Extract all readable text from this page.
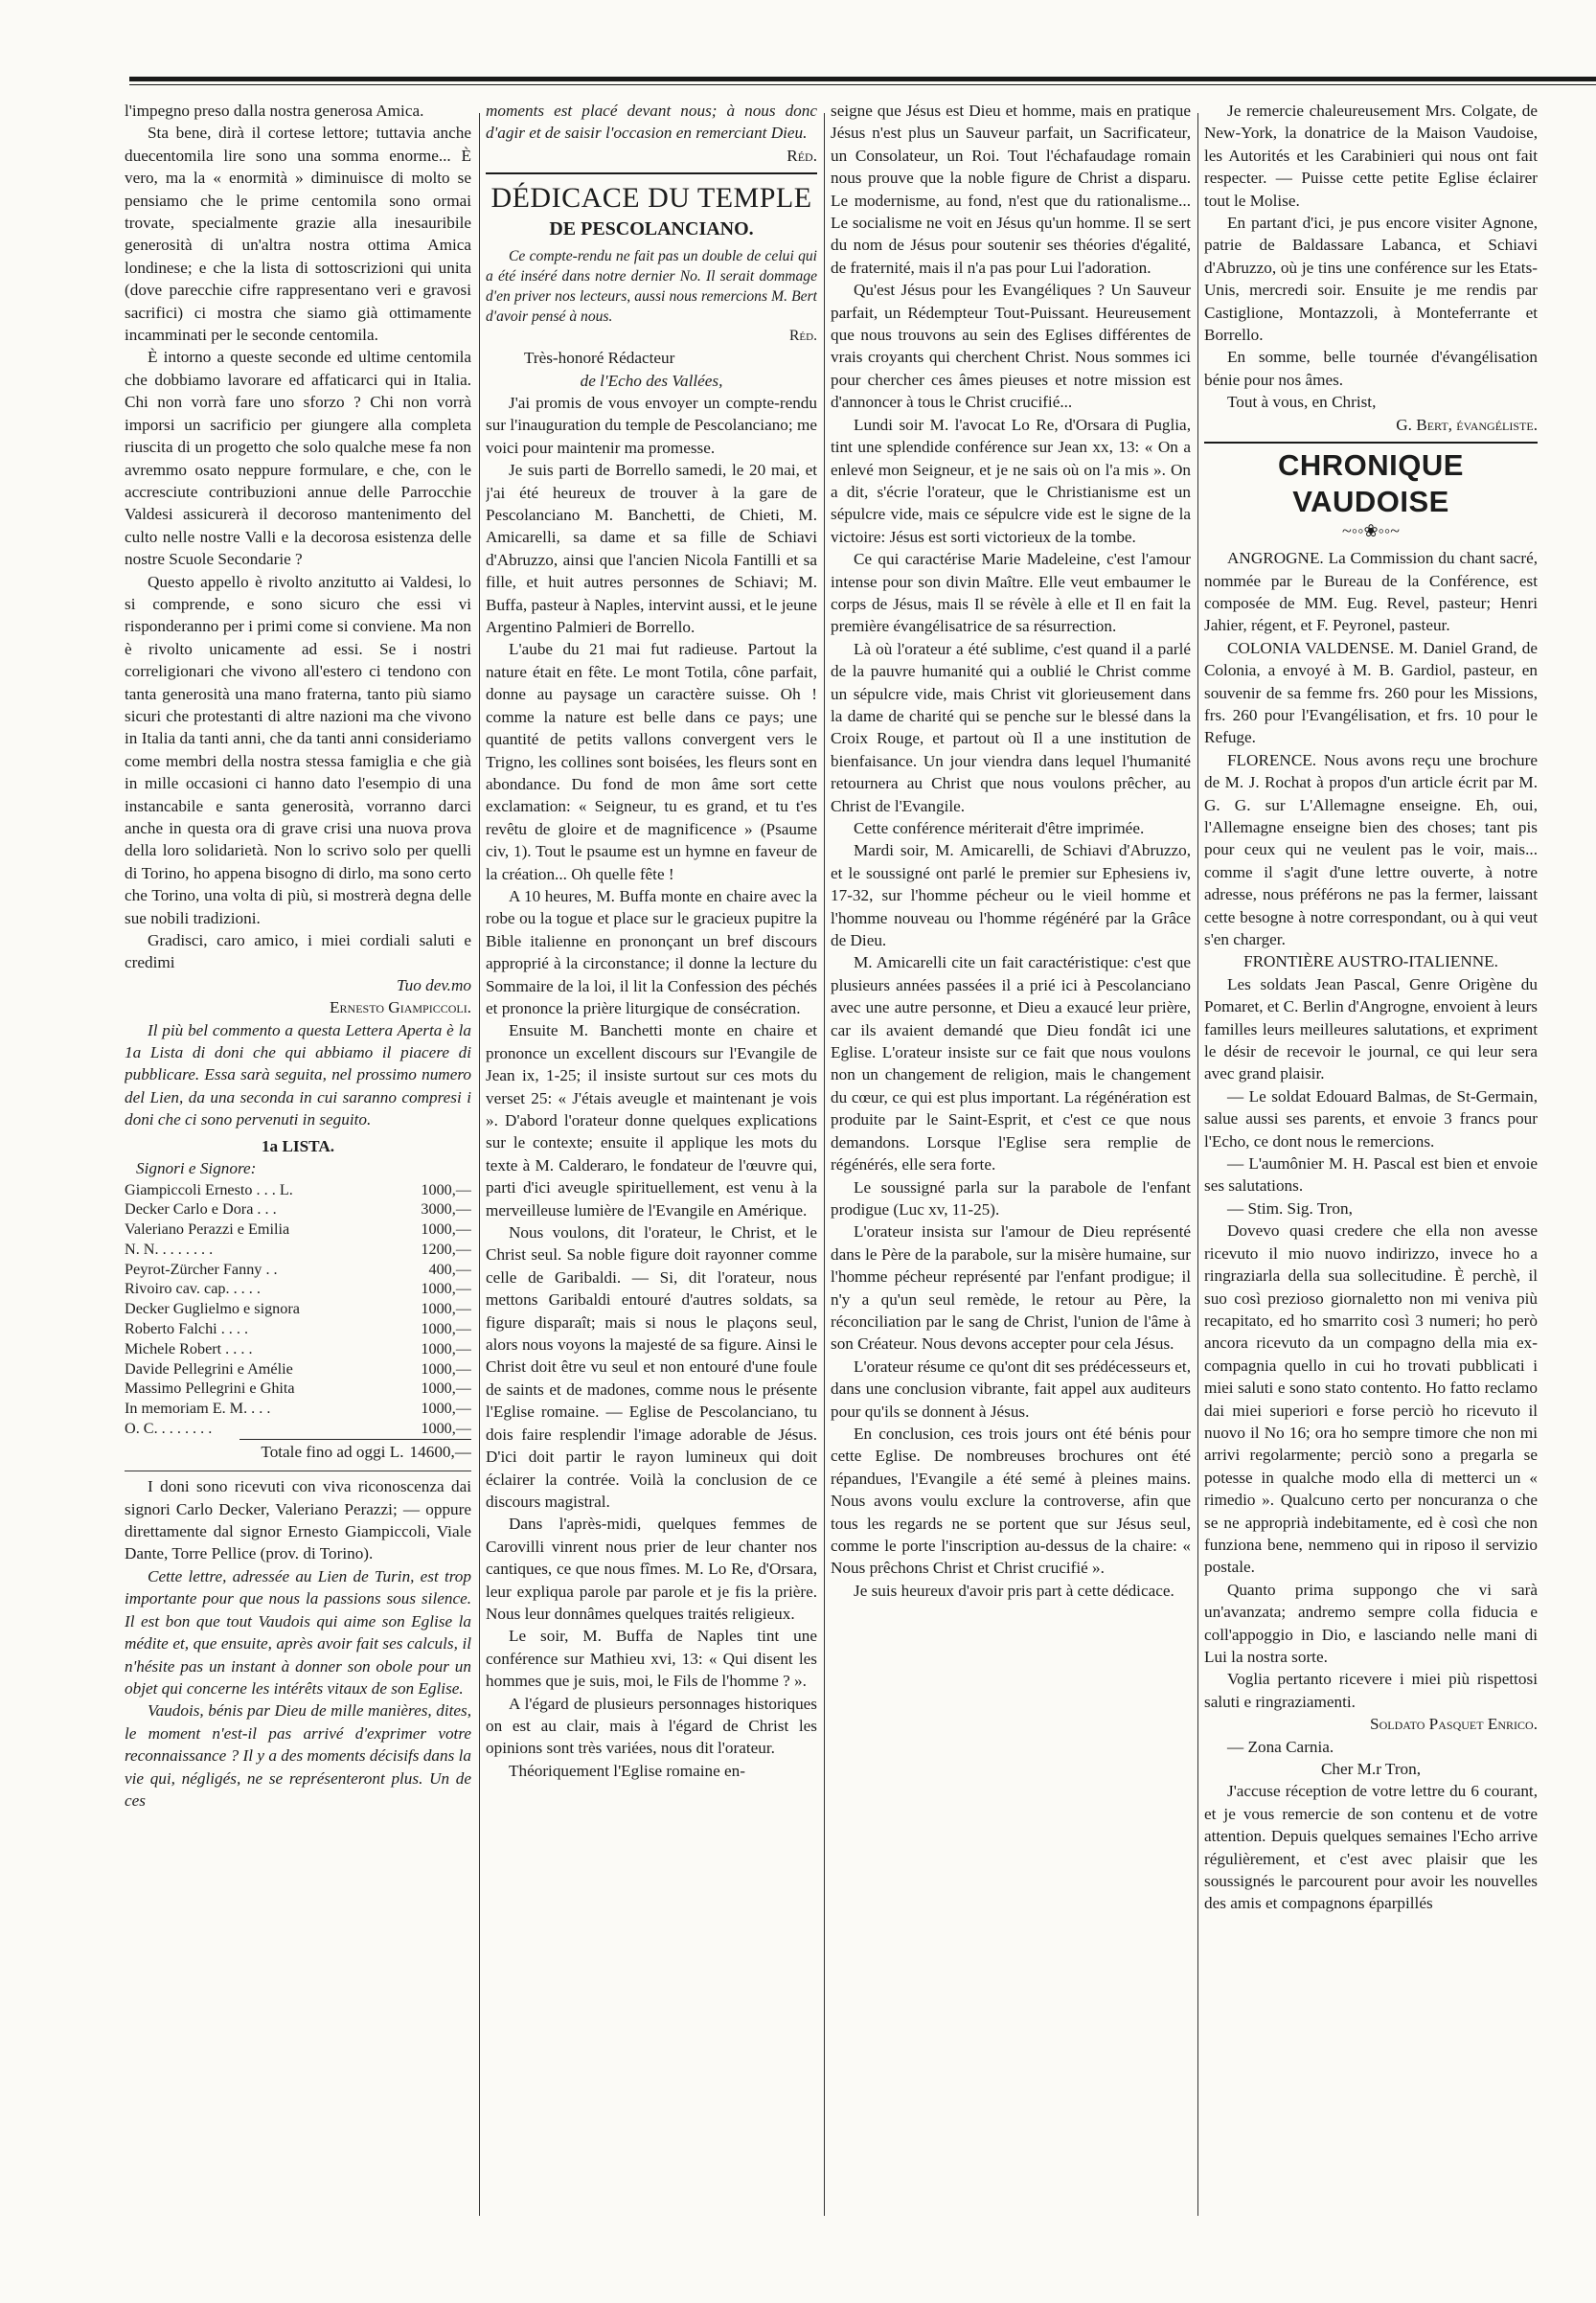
l'impegno preso dalla nostra generosa Amica.

Sta bene, dirà il cortese lettore; tuttavia anche duecentomila lire sono una somma enorme... È vero, ma la « enormità » diminuisce di molto se pensiamo che le prime centomila sono ormai trovate, specialmente grazie alla inesauribile generosità di un'altra nostra ottima Amica londinese; e che la lista di sottoscrizioni qui unita (dove parecchie cifre rappresentano veri e gravosi sacrifici) ci mostra che siamo già ottimamente incamminati per le seconde centomila.

È intorno a queste seconde ed ultime centomila che dobbiamo lavorare ed affaticarci qui in Italia. Chi non vorrà fare uno sforzo ? Chi non vorrà imporsi un sacrificio per giungere alla completa riuscita di un progetto che solo qualche mese fa non avremmo osato neppure formulare, e che, con le accresciute contribuzioni annue delle Parrocchie Valdesi assicurerà il decoroso mantenimento del culto nelle nostre Valli e la decorosa esistenza delle nostre Scuole Secondarie ?

Questo appello è rivolto anzitutto ai Valdesi, lo si comprende, e sono sicuro che essi vi risponderanno per i primi come si conviene. Ma non è rivolto unicamente ad essi. Se i nostri correligionari che vivono all'estero ci tendono con tanta generosità una mano fraterna, tanto più siamo sicuri che protestanti di altre nazioni ma che vivono in Italia da tanti anni, che da tanti anni consideriamo come membri della nostra stessa famiglia e che già in mille occasioni ci hanno dato l'esempio di una instancabile e santa generosità, vorranno darci anche in questa ora di grave crisi una nuova prova della loro solidarietà. Non lo scrivo solo per quelli di Torino, ho appena bisogno di dirlo, ma sono certo che Torino, una volta di più, si mostrerà degna delle sue nobili tradizioni.

Gradisci, caro amico, i miei cordiali saluti e credimi

Tuo dev.mo

Ernesto Giampiccoli.

Il più bel commento a questa Lettera Aperta è la 1a Lista di doni che qui abbiamo il piacere di pubblicare. Essa sarà seguita, nel prossimo numero del Lien, da una seconda in cui saranno compresi i doni che ci sono pervenuti in seguito.

1a LISTA.
Signori e Signore:
Giampiccoli Ernesto . . . L.	1000,—
Decker Carlo e Dora . . .	3000,—
Valeriano Perazzi e Emilia	1000,—
N. N. . . . . . . .	1200,—
Peyrot-Zürcher Fanny . .	400,—
Rivoiro cav. cap. . . . .	1000,—
Decker Guglielmo e signora	1000,—
Roberto Falchi . . . .	1000,—
Michele Robert . . . .	1000,—
Davide Pellegrini e Amélie	1000,—
Massimo Pellegrini e Ghita	1000,—
In memoriam E. M. . . .	1000,—
O. C. . . . . . . .	1000,—
Totale fino ad oggi L. 14600,—

I doni sono ricevuti con viva riconoscenza dai signori Carlo Decker, Valeriano Perazzi; — oppure direttamente dal signor Ernesto Giampiccoli, Viale Dante, Torre Pellice (prov. di Torino).

Cette lettre, adressée au Lien de Turin, est trop importante pour que nous la passions sous silence. Il est bon que tout Vaudois qui aime son Eglise la médite et, que ensuite, après avoir fait ses calculs, il n'hésite pas un instant à donner son obole pour un objet qui concerne les intérêts vitaux de son Eglise.

Vaudois, bénis par Dieu de mille manières, dites, le moment n'est-il pas arrivé d'exprimer votre reconnaissance ? Il y a des moments décisifs dans la vie qui, négligés, ne se représenteront plus. Un de ces

moments est placé devant nous; à nous donc d'agir et de saisir l'occasion en remerciant Dieu.

Réd.

DÉDICACE DU TEMPLE
DE PESCOLANCIANO.

Ce compte-rendu ne fait pas un double de celui qui a été inséré dans notre dernier No. Il serait dommage d'en priver nos lecteurs, aussi nous remercions M. Bert d'avoir pensé à nous.

Réd.

Très-honoré Rédacteur

de l'Echo des Vallées,

J'ai promis de vous envoyer un compte-rendu sur l'inauguration du temple de Pescolanciano; me voici pour maintenir ma promesse.

Je suis parti de Borrello samedi, le 20 mai, et j'ai été heureux de trouver à la gare de Pescolanciano M. Banchetti, de Chieti, M. Amicarelli, sa dame et sa fille de Schiavi d'Abruzzo, ainsi que l'ancien Nicola Fantilli et sa fille, et huit autres personnes de Schiavi; M. Buffa, pasteur à Naples, intervint aussi, et le jeune Argentino Palmieri de Borrello.

L'aube du 21 mai fut radieuse. Partout la nature était en fête. Le mont Totila, cône parfait, donne au paysage un caractère suisse. Oh ! comme la nature est belle dans ce pays; une quantité de petits vallons convergent vers le Trigno, les collines sont boisées, les fleurs sont en abondance. Du fond de mon âme sort cette exclamation: « Seigneur, tu es grand, et tu t'es revêtu de gloire et de magnificence » (Psaume civ, 1). Tout le psaume est un hymne en faveur de la création... Oh quelle fête !

A 10 heures, M. Buffa monte en chaire avec la robe ou la togue et place sur le gracieux pupitre la Bible italienne en prononçant un bref discours approprié à la circonstance; il donne la lecture du Sommaire de la loi, il lit la Confession des péchés et prononce la prière liturgique de consécration.

Ensuite M. Banchetti monte en chaire et prononce un excellent discours sur l'Evangile de Jean ix, 1-25; il insiste surtout sur ces mots du verset 25: « J'étais aveugle et maintenant je vois ». D'abord l'orateur donne quelques explications sur le contexte; ensuite il applique les mots du texte à M. Calderaro, le fondateur de l'œuvre qui, parti d'ici aveugle spirituellement, est venu à la merveilleuse lumière de l'Evangile en Amérique.

Nous voulons, dit l'orateur, le Christ, et le Christ seul. Sa noble figure doit rayonner comme celle de Garibaldi. — Si, dit l'orateur, nous mettons Garibaldi entouré d'autres soldats, sa figure disparaît; mais si nous le plaçons seul, alors nous voyons la majesté de sa figure. Ainsi le Christ doit être vu seul et non entouré d'une foule de saints et de madones, comme nous le présente l'Eglise romaine. — Eglise de Pescolanciano, tu dois faire resplendir l'image adorable de Jésus. D'ici doit partir le rayon lumineux qui doit éclairer la contrée. Voilà la conclusion de ce discours magistral.

Dans l'après-midi, quelques femmes de Carovilli vinrent nous prier de leur chanter nos cantiques, ce que nous fîmes. M. Lo Re, d'Orsara, leur expliqua parole par parole et je fis la prière. Nous leur donnâmes quelques traités religieux.

Le soir, M. Buffa de Naples tint une conférence sur Mathieu xvi, 13: « Qui disent les hommes que je suis, moi, le Fils de l'homme ? ».

A l'égard de plusieurs personnages historiques on est au clair, mais à l'égard de Christ les opinions sont très variées, nous dit l'orateur.

Théoriquement l'Eglise romaine en-

seigne que Jésus est Dieu et homme, mais en pratique Jésus n'est plus un Sauveur parfait, un Sacrificateur, un Consolateur, un Roi. Tout l'échafaudage romain nous prouve que la noble figure de Christ a disparu. Le modernisme, au fond, n'est que du rationalisme... Le socialisme ne voit en Jésus qu'un homme. Il se sert du nom de Jésus pour soutenir ses théories d'égalité, de fraternité, mais il n'a pas pour Lui l'adoration.

Qu'est Jésus pour les Evangéliques ? Un Sauveur parfait, un Rédempteur Tout-Puissant. Heureusement que nous trouvons au sein des Eglises différentes de vrais croyants qui cherchent Christ. Nous sommes ici pour chercher ces âmes pieuses et notre mission est d'annoncer à tous le Christ crucifié...

Lundi soir M. l'avocat Lo Re, d'Orsara di Puglia, tint une splendide conférence sur Jean xx, 13: « On a enlevé mon Seigneur, et je ne sais où on l'a mis ». On a dit, s'écrie l'orateur, que le Christianisme est un sépulcre vide, mais ce sépulcre vide est le signe de la victoire: Jésus est sorti victorieux de la tombe.

Ce qui caractérise Marie Madeleine, c'est l'amour intense pour son divin Maître. Elle veut embaumer le corps de Jésus, mais Il se révèle à elle et Il en fait la première évangélisatrice de sa résurrection.

Là où l'orateur a été sublime, c'est quand il a parlé de la pauvre humanité qui a oublié le Christ comme un sépulcre vide, mais Christ vit glorieusement dans la dame de charité qui se penche sur le blessé dans la Croix Rouge, et partout où Il a une institution de bienfaisance. Un jour viendra dans lequel l'humanité retournera au Christ que nous voulons prêcher, au Christ de l'Evangile.

Cette conférence mériterait d'être imprimée.

Mardi soir, M. Amicarelli, de Schiavi d'Abruzzo, et le soussigné ont parlé le premier sur Ephesiens iv, 17-32, sur l'homme pécheur ou le vieil homme et l'homme nouveau ou l'homme régénéré par la Grâce de Dieu.

M. Amicarelli cite un fait caractéristique: c'est que plusieurs années passées il a prié ici à Pescolanciano avec une autre personne, et Dieu a exaucé leur prière, car ils avaient demandé que Dieu fondât ici une Eglise. L'orateur insiste sur ce fait que nous voulons non un changement de religion, mais le changement du cœur, ce qui est plus important. La régénération est produite par le Saint-Esprit, et c'est ce que nous demandons. Lorsque l'Eglise sera remplie de régénérés, elle sera forte.

Le soussigné parla sur la parabole de l'enfant prodigue (Luc xv, 11-25).

L'orateur insista sur l'amour de Dieu représenté dans le Père de la parabole, sur la misère humaine, sur l'homme pécheur représenté par l'enfant prodigue; il n'y a qu'un seul remède, le retour au Père, la réconciliation par le sang de Christ, l'union de l'âme à son Créateur. Nous devons accepter pour cela Jésus.

L'orateur résume ce qu'ont dit ses prédécesseurs et, dans une conclusion vibrante, fait appel aux auditeurs pour qu'ils se donnent à Jésus.

En conclusion, ces trois jours ont été bénis pour cette Eglise. De nombreuses brochures ont été répandues, l'Evangile a été semé à pleines mains. Nous avons voulu exclure la controverse, afin que tous les regards ne se portent que sur Jésus seul, comme le porte l'inscription au-dessus de la chaire: « Nous prêchons Christ et Christ crucifié ».

Je suis heureux d'avoir pris part à cette dédicace.

Je remercie chaleureusement Mrs. Colgate, de New-York, la donatrice de la Maison Vaudoise, les Autorités et les Carabinieri qui nous ont fait respecter. — Puisse cette petite Eglise éclairer tout le Molise.

En partant d'ici, je pus encore visiter Agnone, patrie de Baldassare Labanca, et Schiavi d'Abruzzo, où je tins une conférence sur les Etats-Unis, mercredi soir. Ensuite je me rendis par Castiglione, Montazzoli, à Monteferrante et Borrello.

En somme, belle tournée d'évangélisation bénie pour nos âmes.

Tout à vous, en Christ,

G. Bert, évangéliste.

CHRONIQUE VAUDOISE
~◦◦❀◦◦~

ANGROGNE. La Commission du chant sacré, nommée par le Bureau de la Conférence, est composée de MM. Eug. Revel, pasteur; Henri Jahier, régent, et F. Peyronel, pasteur.

COLONIA VALDENSE. M. Daniel Grand, de Colonia, a envoyé à M. B. Gardiol, pasteur, en souvenir de sa femme frs. 260 pour les Missions, frs. 260 pour l'Evangélisation, et frs. 10 pour le Refuge.

FLORENCE. Nous avons reçu une brochure de M. J. Rochat à propos d'un article écrit par M. G. G. sur L'Allemagne enseigne. Eh, oui, l'Allemagne enseigne bien des choses; tant pis pour ceux qui ne veulent pas le voir, mais... comme il s'agit d'une lettre ouverte, à notre adresse, nous préférons ne pas la fermer, laissant cette besogne à notre correspondant, ou à qui veut s'en charger.

FRONTIÈRE AUSTRO-ITALIENNE.

Les soldats Jean Pascal, Genre Origène du Pomaret, et C. Berlin d'Angrogne, envoient à leurs familles leurs meilleures salutations, et expriment le désir de recevoir le journal, ce qui leur sera avec grand plaisir.

— Le soldat Edouard Balmas, de St-Germain, salue aussi ses parents, et envoie 3 francs pour l'Echo, ce dont nous le remercions.

— L'aumônier M. H. Pascal est bien et envoie ses salutations.

— Stim. Sig. Tron,

Dovevo quasi credere che ella non avesse ricevuto il mio nuovo indirizzo, invece ho a ringraziarla della sua sollecitudine. È perchè, il suo così prezioso giornaletto non mi veniva più recapitato, ed ho smarrito così 3 numeri; ho però ancora ricevuto da un compagno della mia ex-compagnia quello in cui ho trovati pubblicati i miei saluti e sono stato contento. Ho fatto reclamo dai miei superiori e forse perciò ho ricevuto il nuovo il No 16; ora ho sempre timore che non mi arrivi regolarmente; perciò sono a pregarla se potesse in qualche modo ella di metterci un « rimedio ». Qualcuno certo per noncuranza o che se ne approprià indebitamente, ed è così che non funziona bene, nemmeno qui in riposo il servizio postale.

Quanto prima suppongo che vi sarà un'avanzata; andremo sempre colla fiducia e coll'appoggio in Dio, e lasciando nelle mani di Lui la nostra sorte.

Voglia pertanto ricevere i miei più rispettosi saluti e ringraziamenti.

Soldato Pasquet Enrico.

— Zona Carnia.

Cher M.r Tron,

J'accuse réception de votre lettre du 6 courant, et je vous remercie de son contenu et de votre attention. Depuis quelques semaines l'Echo arrive régulièrement, et c'est avec plaisir que les soussignés le parcourent pour avoir les nouvelles des amis et compagnons éparpillés
